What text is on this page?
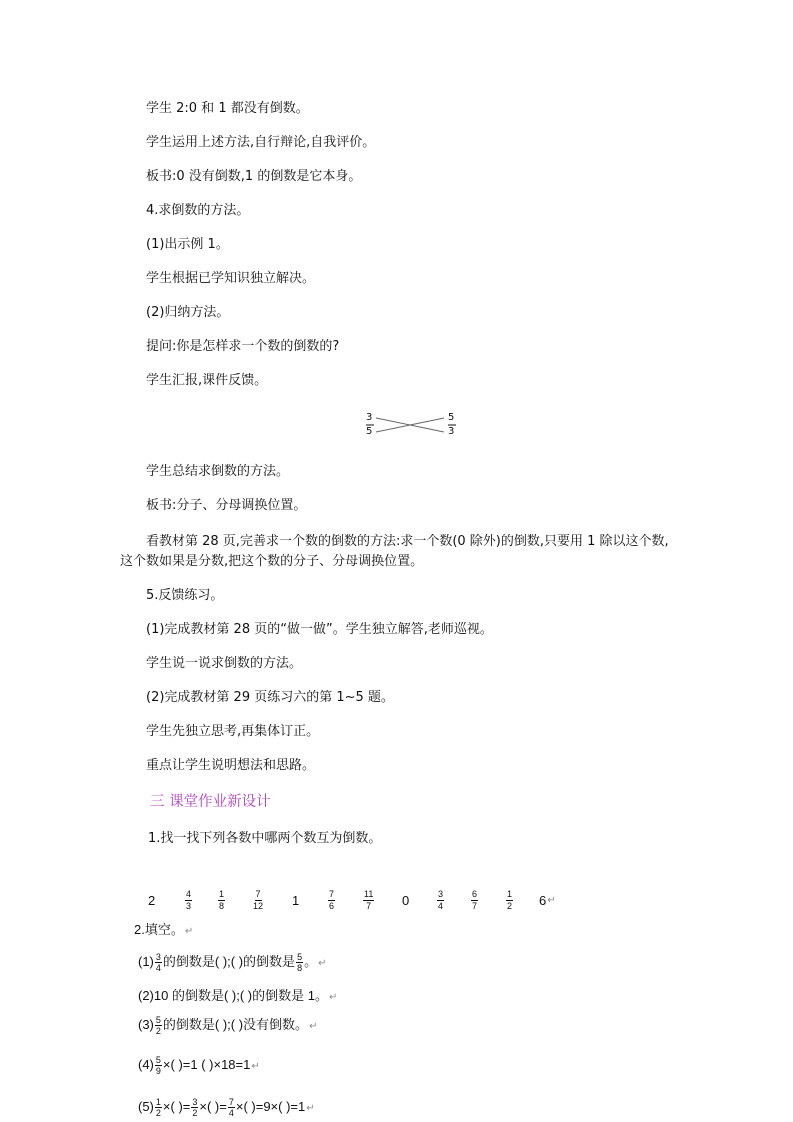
学生 2:0 和 1 都没有倒数。
学生运用上述方法,自行辩论,自我评价。
板书:0 没有倒数,1 的倒数是它本身。
4.求倒数的方法。
(1)出示例 1。
学生根据已学知识独立解决。
(2)归纳方法。
提问:你是怎样求一个数的倒数的?
学生汇报,课件反馈。
3
5
5
3
学生总结求倒数的方法。
板书:分子、分母调换位置。
看教材第 28 页,完善求一个数的倒数的方法:求一个数(0 除外)的倒数,只要用 1 除以这个数,这个数如果是分数,把这个数的分子、分母调换位置。
5.反馈练习。
(1)完成教材第 28 页的“做一做”。学生独立解答,老师巡视。
学生说一说求倒数的方法。
(2)完成教材第 29 页练习六的第 1~5 题。
学生先独立思考,再集体订正。
重点让学生说明想法和思路。
三 课堂作业新设计
1.找一找下列各数中哪两个数互为倒数。
2	4
3
1
8
7
12 1	7
6
11
7 0	3
4
6
7
1
2 6 ↵
2.填空。↵
$(1) \frac{3}{4}$ 的倒数是( );( )的倒数是 $\frac{5}{8}$ 。↵
(2)10 的倒数是( );( )的倒数是 1。↵
$(3) \frac{5}{2}$ 的倒数是( );( )没有倒数。↵
$(4) \frac{5}{9}$ ×( )=1 ( )×18=1↵
$(5) \frac{1}{2}$ ×( )= $\frac{3}{2}$ ×( )= $\frac{7}{4}$ ×( )=9×( )=1↵
